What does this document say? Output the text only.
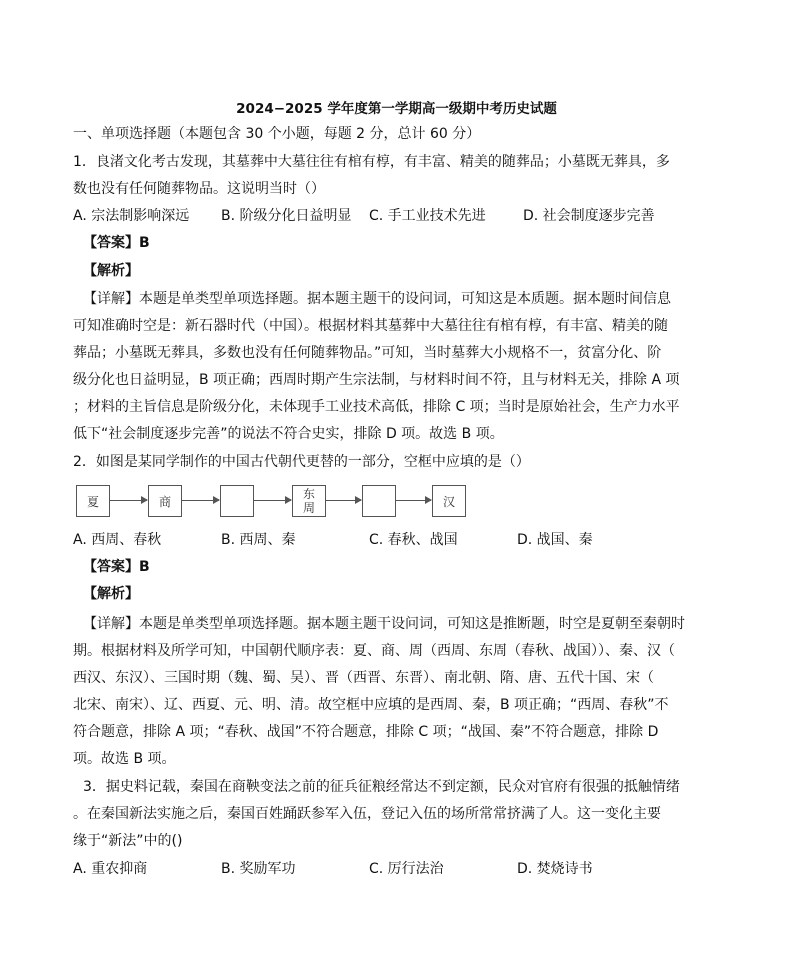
2024−2025 学年度第一学期高一级期中考历史试题
一、单项选择题（本题包含 30 个小题，每题 2 分，总计 60 分）
1．良渚文化考古发现，其墓葬中大墓往往有棺有椁，有丰富、精美的随葬品；小墓既无葬具，多
数也没有任何随葬物品。这说明当时（）
A. 宗法制影响深远 B. 阶级分化日益明显 C. 手工业技术先进	D. 社会制度逐步完善
【答案】B
【解析】
【详解】本题是单类型单项选择题。据本题主题干的设问词，可知这是本质题。据本题时间信息
可知准确时空是：新石器时代（中国）。根据材料其墓葬中大墓往往有棺有椁，有丰富、精美的随
葬品；小墓既无葬具，多数也没有任何随葬物品。”可知，当时墓葬大小规格不一，贫富分化、阶
级分化也日益明显，B 项正确；西周时期产生宗法制，与材料时间不符，且与材料无关，排除 A 项
；材料的主旨信息是阶级分化，未体现手工业技术高低，排除 C 项；当时是原始社会，生产力水平
低下“社会制度逐步完善”的说法不符合史实，排除 D 项。故选 B 项。
2．如图是某同学制作的中国古代朝代更替的一部分，空框中应填的是（）
夏	商
东
周	汉
A. 西周、春秋	B. 西周、秦	C. 春秋、战国	D. 战国、秦
【答案】B
【解析】
【详解】本题是单类型单项选择题。据本题主题干设问词，可知这是推断题，时空是夏朝至秦朝时
期。根据材料及所学可知，中国朝代顺序表：夏、商、周（西周、东周（春秋、战国））、秦、汉（
西汉、东汉）、三国时期（魏、蜀、吴）、晋（西晋、东晋）、南北朝、隋、唐、五代十国、宋（
北宋、南宋）、辽、西夏、元、明、清。故空框中应填的是西周、秦，B 项正确；“西周、春秋”不
符合题意，排除 A 项；“春秋、战国”不符合题意，排除 C 项；“战国、秦”不符合题意，排除 D
项。故选 B 项。
3．据史料记载，秦国在商鞅变法之前的征兵征粮经常达不到定额，民众对官府有很强的抵触情绪
。在秦国新法实施之后，秦国百姓踊跃参军入伍，登记入伍的场所常常挤满了人。这一变化主要
缘于“新法”中的()
A. 重农抑商	B. 奖励军功	C. 厉行法治	D. 焚烧诗书
